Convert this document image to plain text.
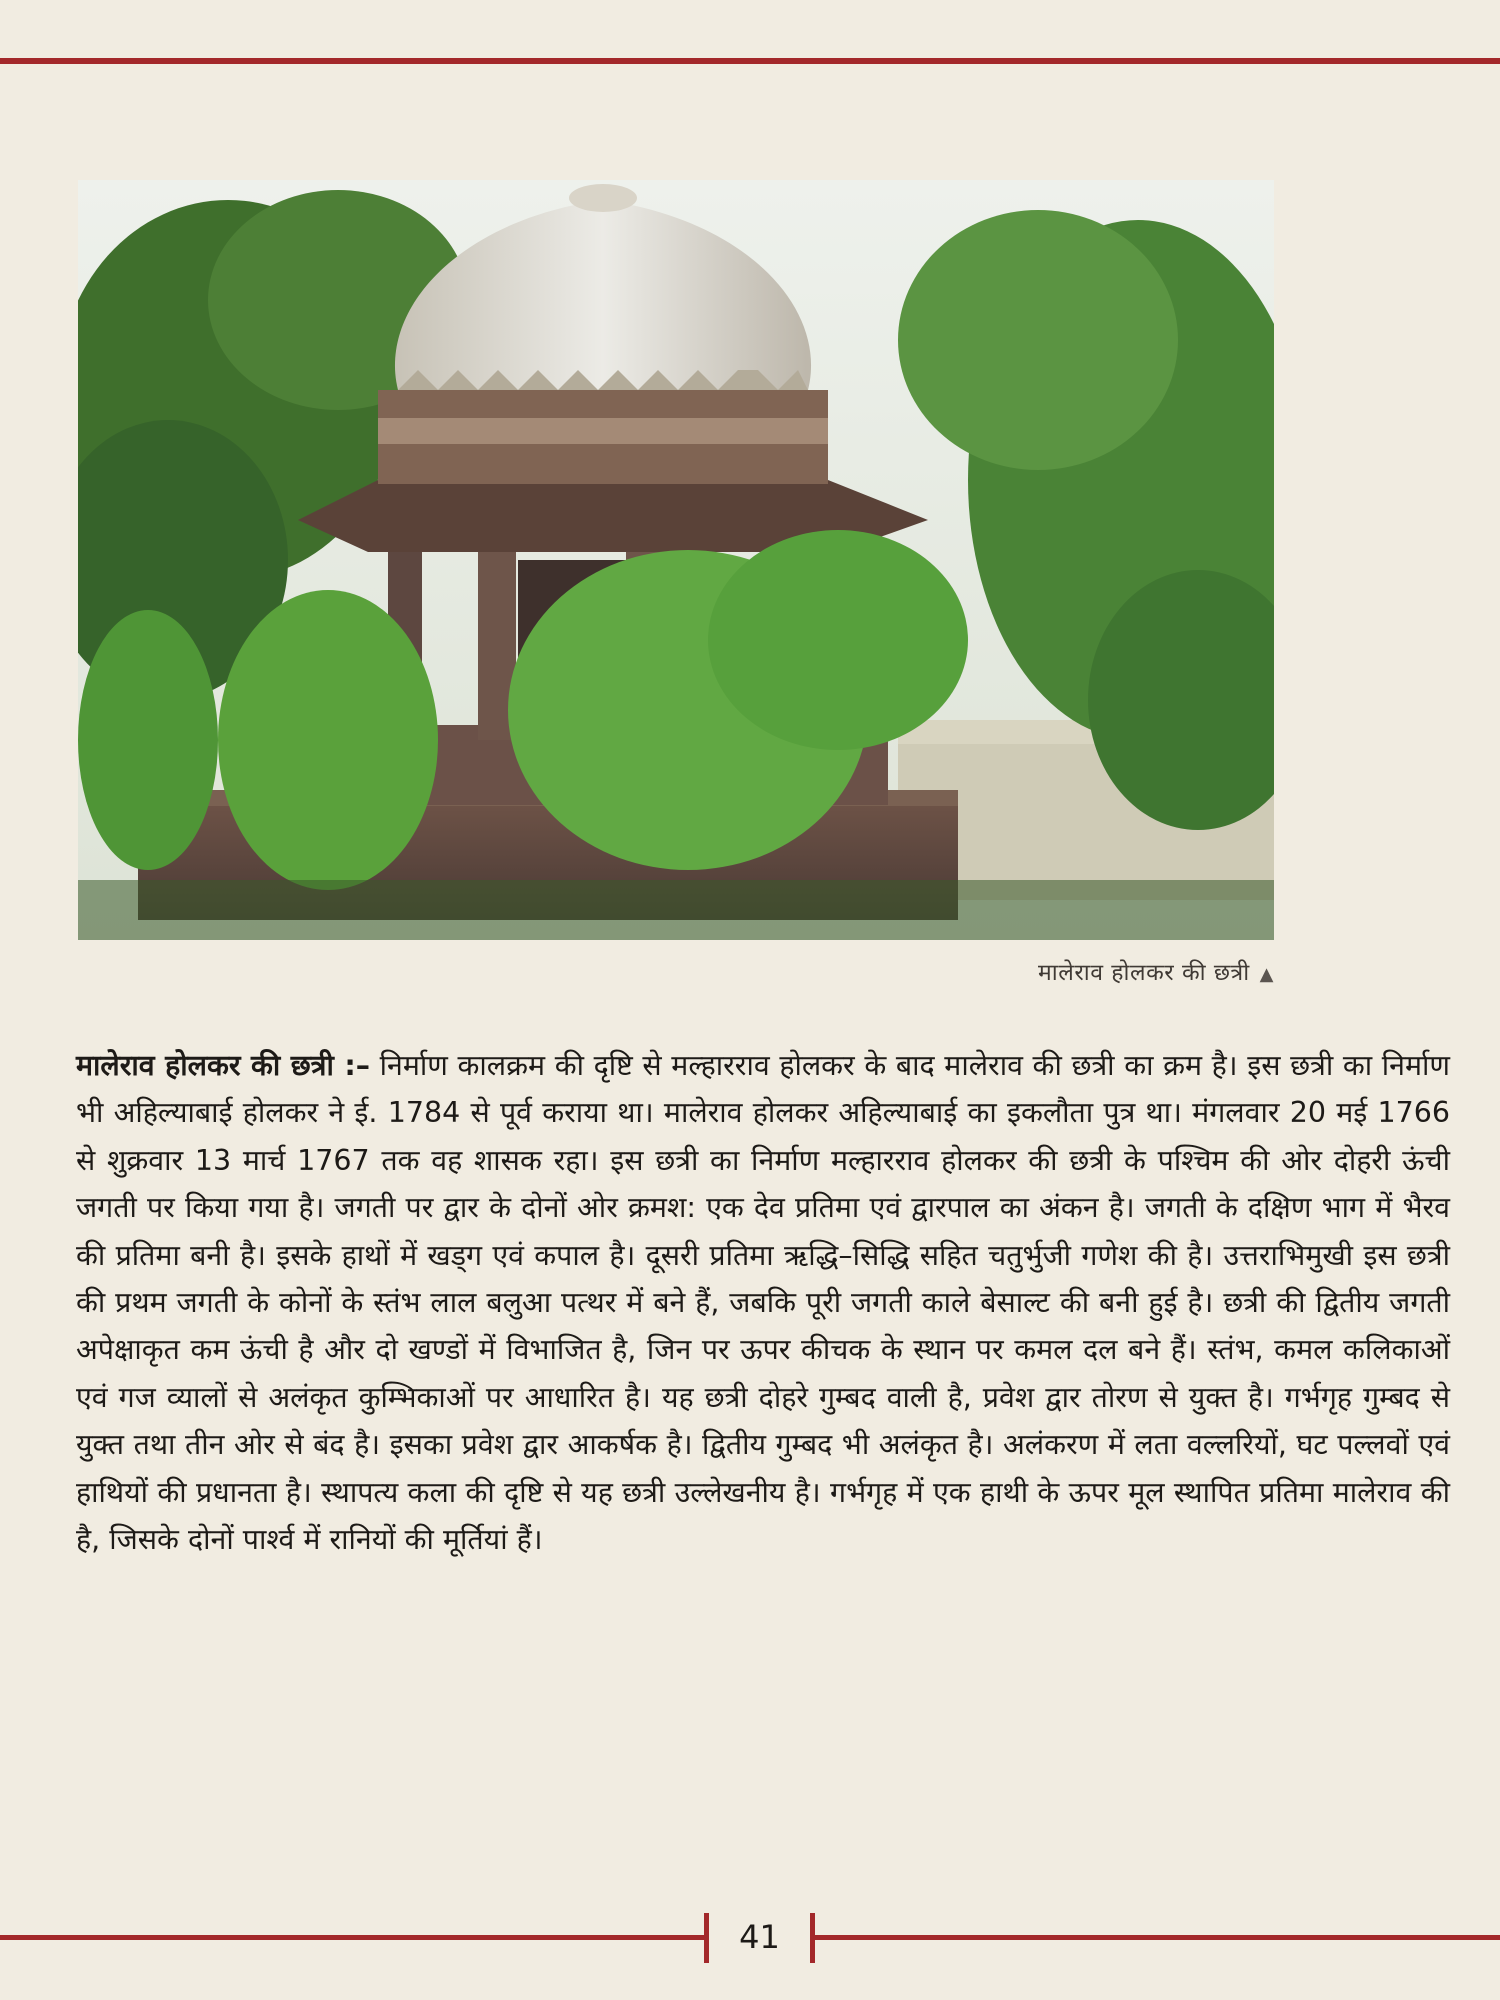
मालेराव होलकर की छत्री ▲
मालेराव होलकर की छत्री :– निर्माण कालक्रम की दृष्टि से मल्हारराव होलकर के बाद मालेराव की छत्री का क्रम है। इस छत्री का निर्माण भी अहिल्याबाई होलकर ने ई. 1784 से पूर्व कराया था। मालेराव होलकर अहिल्याबाई का इकलौता पुत्र था। मंगलवार 20 मई 1766 से शुक्रवार 13 मार्च 1767 तक वह शासक रहा। इस छत्री का निर्माण मल्हारराव होलकर की छत्री के पश्चिम की ओर दोहरी ऊंची जगती पर किया गया है। जगती पर द्वार के दोनों ओर क्रमश: एक देव प्रतिमा एवं द्वारपाल का अंकन है। जगती के दक्षिण भाग में भैरव की प्रतिमा बनी है। इसके हाथों में खड्ग एवं कपाल है। दूसरी प्रतिमा ऋद्धि–सिद्धि सहित चतुर्भुजी गणेश की है। उत्तराभिमुखी इस छत्री की प्रथम जगती के कोनों के स्तंभ लाल बलुआ पत्थर में बने हैं, जबकि पूरी जगती काले बेसाल्ट की बनी हुई है। छत्री की द्वितीय जगती अपेक्षाकृत कम ऊंची है और दो खण्डों में विभाजित है, जिन पर ऊपर कीचक के स्थान पर कमल दल बने हैं। स्तंभ, कमल कलिकाओं एवं गज व्यालों से अलंकृत कुम्भिकाओं पर आधारित है। यह छत्री दोहरे गुम्बद वाली है, प्रवेश द्वार तोरण से युक्त है। गर्भगृह गुम्बद से युक्त तथा तीन ओर से बंद है। इसका प्रवेश द्वार आकर्षक है। द्वितीय गुम्बद भी अलंकृत है। अलंकरण में लता वल्लरियों, घट पल्लवों एवं हाथियों की प्रधानता है। स्थापत्य कला की दृष्टि से यह छत्री उल्लेखनीय है। गर्भगृह में एक हाथी के ऊपर मूल स्थापित प्रतिमा मालेराव की है, जिसके दोनों पार्श्व में रानियों की मूर्तियां हैं।
41
